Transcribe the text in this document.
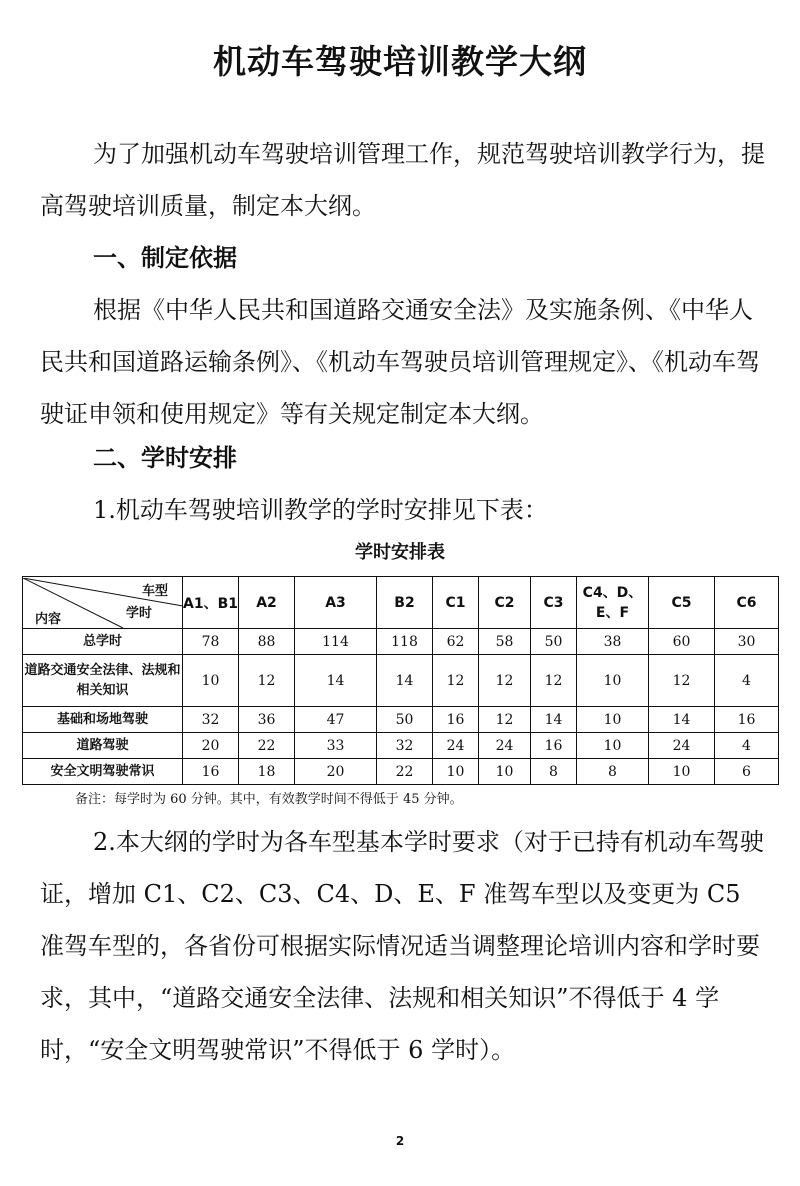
机动车驾驶培训教学大纲

为了加强机动车驾驶培训管理工作，规范驾驶培训教学行为，提高驾驶培训质量，制定本大纲。

一、制定依据

根据《中华人民共和国道路交通安全法》及实施条例、《中华人民共和国道路运输条例》、《机动车驾驶员培训管理规定》、《机动车驾驶证申领和使用规定》等有关规定制定本大纲。

二、学时安排

1.机动车驾驶培训教学的学时安排见下表：

学时安排表
车型
学时
内容	A1、B1	A2	A3	B2	C1	C2	C3	C4、D、E、F	C5	C6
总学时	78	88	114	118	62	58	50	38	60	30
道路交通安全法律、法规和相关知识	10	12	14	14	12	12	12	10	12	4
基础和场地驾驶	32	36	47	50	16	12	14	10	14	16
道路驾驶	20	22	33	32	24	24	16	10	24	4
安全文明驾驶常识	16	18	20	22	10	10	8	8	10	6
备注：每学时为 60 分钟。其中，有效教学时间不得低于 45 分钟。

2.本大纲的学时为各车型基本学时要求（对于已持有机动车驾驶证，增加 C1、C2、C3、C4、D、E、F 准驾车型以及变更为 C5 准驾车型的，各省份可根据实际情况适当调整理论培训内容和学时要求，其中，“道路交通安全法律、法规和相关知识”不得低于 4 学时，“安全文明驾驶常识”不得低于 6 学时）。

2
